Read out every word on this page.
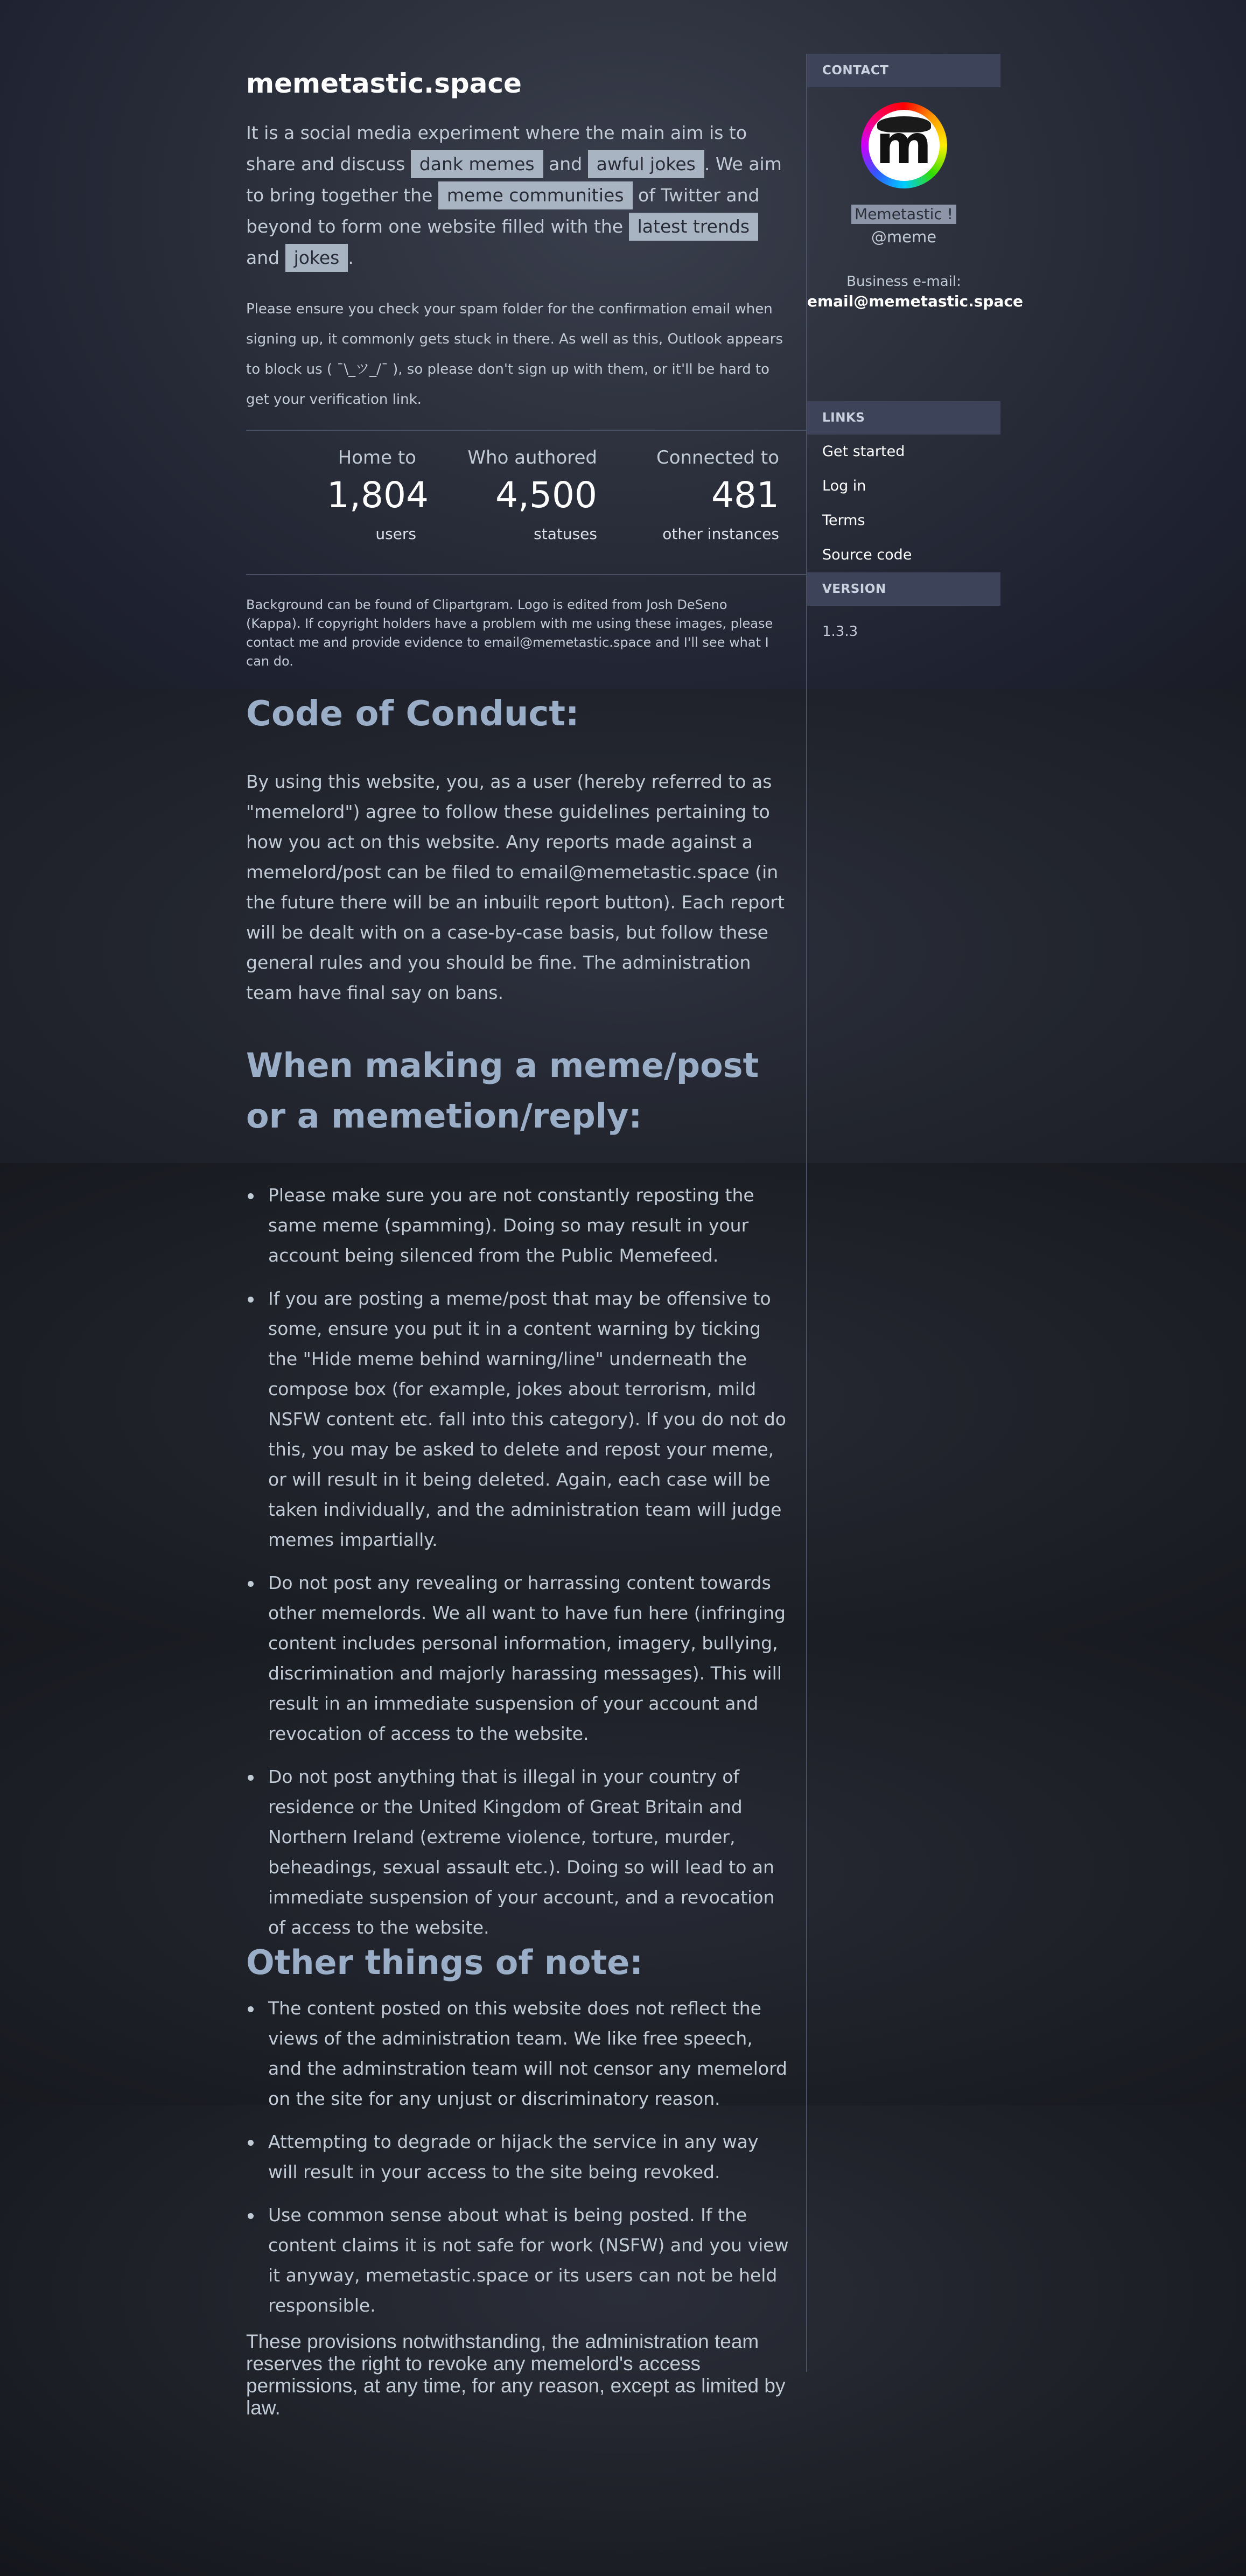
memetastic.space

It is a social media experiment where the main aim is to share and discuss dank memes and awful jokes . We aim to bring together the meme communities of Twitter and beyond to form one website filled with the latest trends and jokes .

Please ensure you check your spam folder for the confirmation email when signing up, it commonly gets stuck in there. As well as this, Outlook appears to block us ( ¯\_ツ_/¯ ), so please don't sign up with them, or it'll be hard to get your verification link.

Home to
1,804
users
Who authored
4,500
statuses
Connected to
481
other instances

Background can be found of Clipartgram. Logo is edited from Josh DeSeno (Kappa). If copyright holders have a problem with me using these images, please contact me and provide evidence to email@memetastic.space and I'll see what I can do.

Code of Conduct:

By using this website, you, as a user (hereby referred to as "memelord") agree to follow these guidelines pertaining to how you act on this website. Any reports made against a memelord/post can be filed to email@memetastic.space (in the future there will be an inbuilt report button). Each report will be dealt with on a case-by-case basis, but follow these general rules and you should be fine. The administration team have final say on bans.

When making a meme/post or a memetion/reply:
Please make sure you are not constantly reposting the same meme (spamming). Doing so may result in your account being silenced from the Public Memefeed.
If you are posting a meme/post that may be offensive to some, ensure you put it in a content warning by ticking the "Hide meme behind warning/line" underneath the compose box (for example, jokes about terrorism, mild NSFW content etc. fall into this category). If you do not do this, you may be asked to delete and repost your meme, or will result in it being deleted. Again, each case will be taken individually, and the administration team will judge memes impartially.
Do not post any revealing or harrassing content towards other memelords. We all want to have fun here (infringing content includes personal information, imagery, bullying, discrimination and majorly harassing messages). This will result in an immediate suspension of your account and revocation of access to the website.
Do not post anything that is illegal in your country of residence or the United Kingdom of Great Britain and Northern Ireland (extreme violence, torture, murder, beheadings, sexual assault etc.). Doing so will lead to an immediate suspension of your account, and a revocation of access to the website.
Other things of note:
The content posted on this website does not reflect the views of the administration team. We like free speech, and the adminstration team will not censor any memelord on the site for any unjust or discriminatory reason.
Attempting to degrade or hijack the service in any way will result in your access to the site being revoked.
Use common sense about what is being posted. If the content claims it is not safe for work (NSFW) and you view it anyway, memetastic.space or its users can not be held responsible.

These provisions notwithstanding, the administration team reserves the right to revoke any memelord's access permissions, at any time, for any reason, except as limited by law.

CONTACT
m
Memetastic !
@meme
Business e-mail:
email@memetastic.space
LINKS
Get started
Log in
Terms
Source code
VERSION
1.3.3
